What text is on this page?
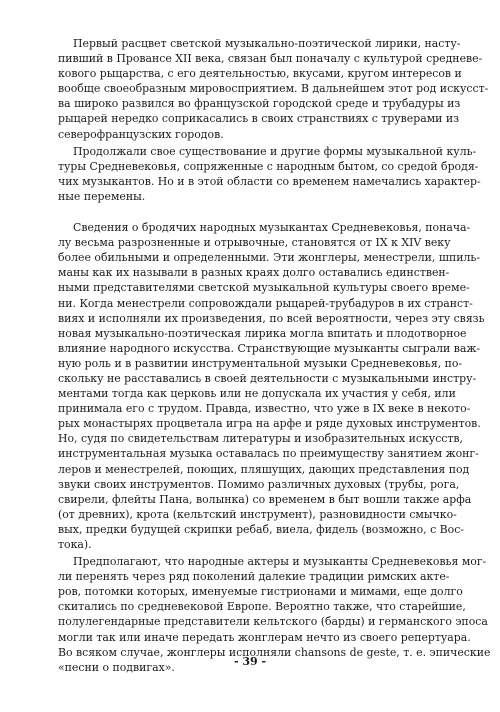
Первый расцвет светской музыкально-поэтической лирики, насту-
пивший в Провансе XII века, связан был поначалу с культурой средневе-
кового рыцарства, с его деятельностью, вкусами, кругом интересов и
вообще своеобразным мировосприятием. В дальнейшем этот род искусст-
ва широко развился во французской городской среде и трубадуры из
рыцарей нередко соприкасались в своих странствиях с труверами из
северофранцузских городов.
Продолжали свое существование и другие формы музыкальной куль-
туры Средневековья, сопряженные с народным бытом, со средой бродя-
чих музыкантов. Но и в этой области со временем намечались характер-
ные перемены.
Сведения о бродячих народных музыкантах Средневековья, поначa-
лу весьма разрозненные и отрывочные, становятся от IX к XIV веку
более обильными и определенными. Эти жонглеры, менестрели, шпиль-
маны как их называли в разных краях долго оставались единствен-
ными представителями светской музыкальной культуры своего време-
ни. Когда менестрели сопровождали рыцарей-трубадуров в их странст-
виях и исполняли их произведения, по всей вероятности, через эту связь
новая музыкально-поэтическая лирика могла впитать и плодотворное
влияние народного искусства. Странствующие музыканты сыграли важ-
ную роль и в развитии инструментальной музыки Средневековья, по-
скольку не расставались в своей деятельности с музыкальными инстру-
ментами тогда как церковь или не допускала их участия у себя, или
принимала его с трудом. Правда, известно, что уже в IX веке в некото-
рых монастырях процветала игра на арфе и ряде духовых инструментов.
Но, судя по свидетельствам литературы и изобразительных искусств,
инструментальная музыка оставалась по преимуществу занятием жонг-
леров и менестрелей, поющих, пляшущих, дающих представления под
звуки своих инструментов. Помимо различных духовых (трубы, рога,
свирели, флейты Пана, волынка) со временем в быт вошли также арфа
(от древних), крота (кельтский инструмент), разновидности смычко-
вых, предки будущей скрипки ребаб, виела, фидель (возможно, с Вос-
тока).
Предполагают, что народные актеры и музыканты Средневековья мог-
ли перенять через ряд поколений далекие традиции римских актe-
ров, потомки которых, именуемые гистрионами и мимами, еще долго
скитались по средневековой Европе. Вероятно также, что старейшие,
полулегендарные представители кельтского (барды) и германского эпоса
могли так или иначе передать жонглерам нечто из своего репертуара.
Во всяком случае, жонглеры исполняли chansons de geste, т. е. эпические
«песни о подвигах».	- 39 -
